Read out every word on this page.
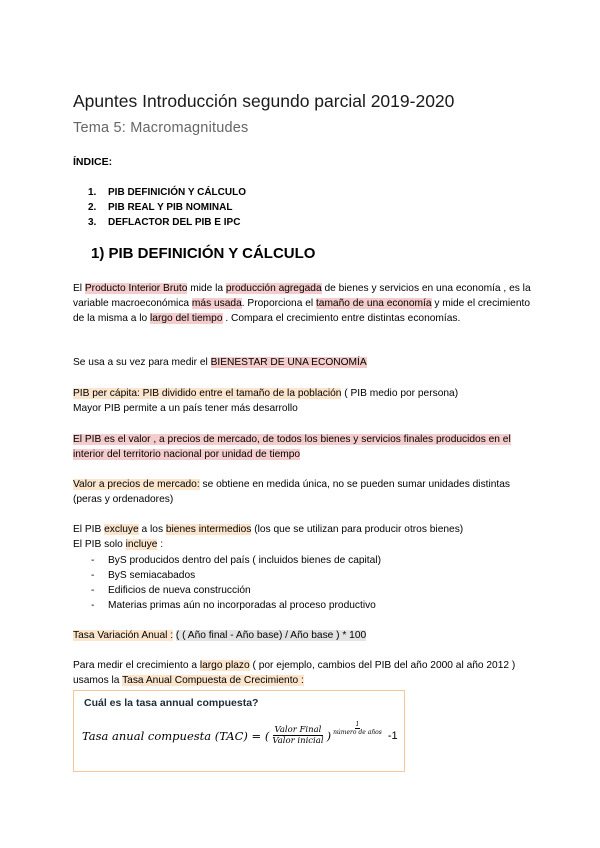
Apuntes Introducción segundo parcial 2019-2020
Tema 5: Macromagnitudes
ÍNDICE:
1. PIB DEFINICIÓN Y CÁLCULO
2. PIB REAL Y PIB NOMINAL
3. DEFLACTOR DEL PIB E IPC
1) PIB DEFINICIÓN Y CÁLCULO
El Producto Interior Bruto mide la producción agregada de bienes y servicios en una economía , es la variable macroeconómica más usada. Proporciona el tamaño de una economía y mide el crecimiento de la misma a lo largo del tiempo . Compara el crecimiento entre distintas economías.
Se usa a su vez para medir el BIENESTAR DE UNA ECONOMÍA
PIB per cápita: PIB dividido entre el tamaño de la población ( PIB medio por persona)
Mayor PIB permite a un país tener más desarrollo
El PIB es el valor , a precios de mercado, de todos los bienes y servicios finales producidos en el interior del territorio nacional por unidad de tiempo
Valor a precios de mercado: se obtiene en medida única, no se pueden sumar unidades distintas (peras y ordenadores)
El PIB excluye a los bienes intermedios (los que se utilizan para producir otros bienes)
El PIB solo incluye :
- ByS producidos dentro del país ( incluidos bienes de capital)
- ByS semiacabados
- Edificios de nueva construcción
- Materias primas aún no incorporadas al proceso productivo
Tasa Variación Anual : ( ( Año final - Año base) / Año base ) * 100
Para medir el crecimiento a largo plazo ( por ejemplo, cambios del PIB del año 2000 al año 2012 ) usamos la Tasa Anual Compuesta de Crecimiento :
Cuál es la tasa annual compuesta?
Tasa anual compuesta (TAC) = ( $\frac{\text{Valor Final}}{\text{Valor inicial}}$ ) $\frac{1}{\text{número de años}} -1$
